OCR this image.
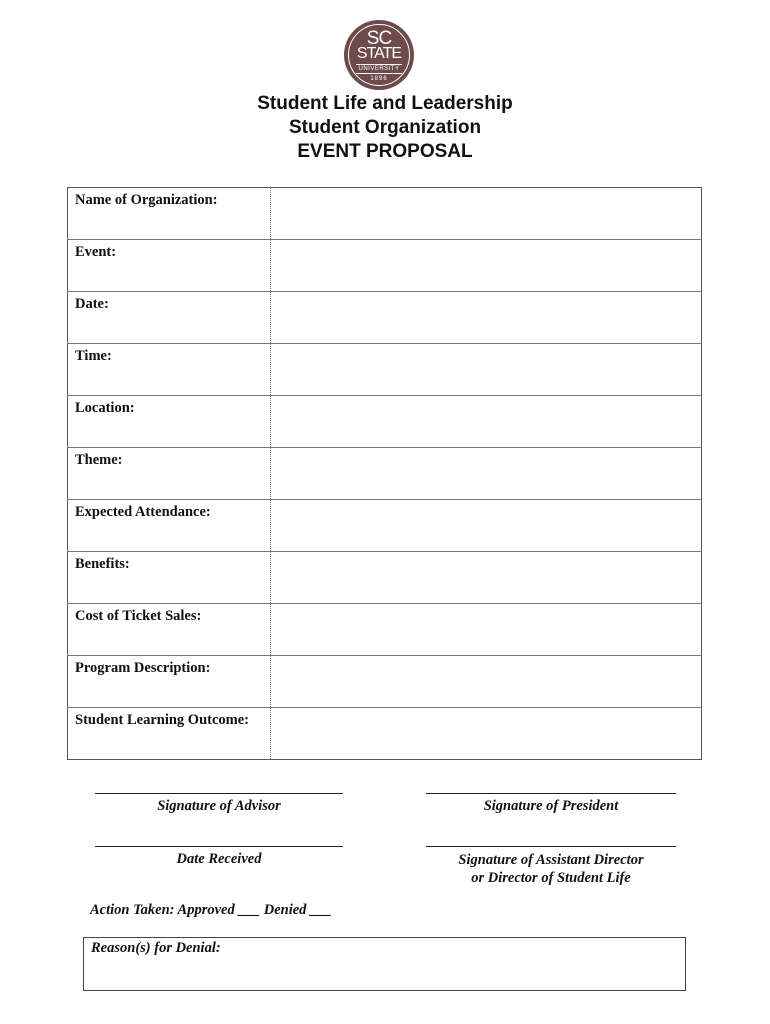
SC
STATE
UNIVERSITY
1896
Student Life and Leadership
Student Organization
EVENT PROPOSAL
Name of Organization:	
Event:	
Date:	
Time:	
Location:	
Theme:	
Expected Attendance:	
Benefits:	
Cost of Ticket Sales:	
Program Description:	
Student Learning Outcome:	
Signature of Advisor	Signature of President
Date Received	Signature of Assistant Director
or Director of Student Life
Action Taken: Approved ___ Denied ___
Reason(s) for Denial:
